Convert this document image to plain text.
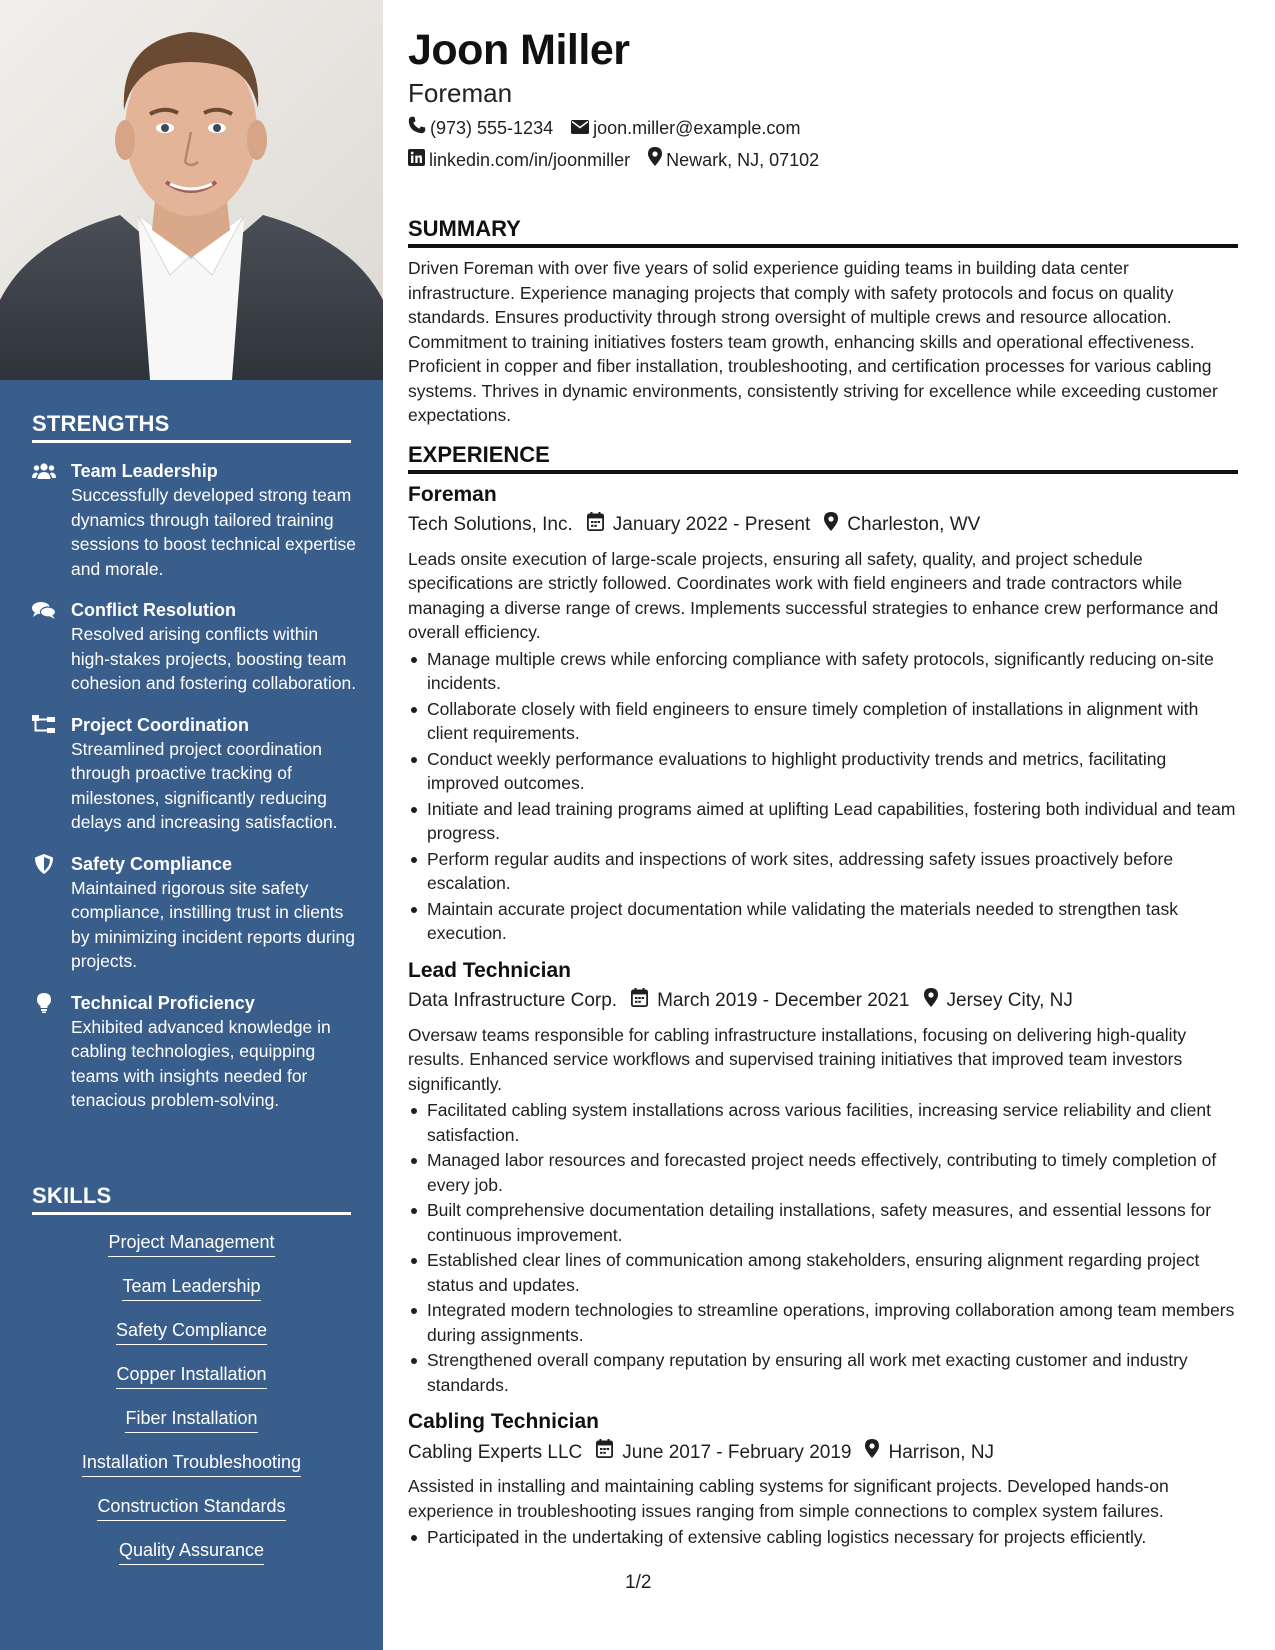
STRENGTHS
Team Leadership
Successfully developed strong team dynamics through tailored training sessions to boost technical expertise and morale.
Conflict Resolution
Resolved arising conflicts within high-stakes projects, boosting team cohesion and fostering collaboration.
Project Coordination
Streamlined project coordination through proactive tracking of milestones, significantly reducing delays and increasing satisfaction.
Safety Compliance
Maintained rigorous site safety compliance, instilling trust in clients by minimizing incident reports during projects.
Technical Proficiency
Exhibited advanced knowledge in cabling technologies, equipping teams with insights needed for tenacious problem-solving.
SKILLS
Project Management
Team Leadership
Safety Compliance
Copper Installation
Fiber Installation
Installation Troubleshooting
Construction Standards
Quality Assurance
Joon Miller
Foreman
(973) 555-1234 joon.miller@example.com
linkedin.com/in/joonmiller Newark, NJ, 07102
SUMMARY
Driven Foreman with over five years of solid experience guiding teams in building data center infrastructure. Experience managing projects that comply with safety protocols and focus on quality standards. Ensures productivity through strong oversight of multiple crews and resource allocation. Commitment to training initiatives fosters team growth, enhancing skills and operational effectiveness. Proficient in copper and fiber installation, troubleshooting, and certification processes for various cabling systems. Thrives in dynamic environments, consistently striving for excellence while exceeding customer expectations.
EXPERIENCE
Foreman
Tech Solutions, Inc. January 2022 - Present Charleston, WV
Leads onsite execution of large-scale projects, ensuring all safety, quality, and project schedule specifications are strictly followed. Coordinates work with field engineers and trade contractors while managing a diverse range of crews. Implements successful strategies to enhance crew performance and overall efficiency.
Manage multiple crews while enforcing compliance with safety protocols, significantly reducing on-site incidents.
Collaborate closely with field engineers to ensure timely completion of installations in alignment with client requirements.
Conduct weekly performance evaluations to highlight productivity trends and metrics, facilitating improved outcomes.
Initiate and lead training programs aimed at uplifting Lead capabilities, fostering both individual and team progress.
Perform regular audits and inspections of work sites, addressing safety issues proactively before escalation.
Maintain accurate project documentation while validating the materials needed to strengthen task execution.
Lead Technician
Data Infrastructure Corp. March 2019 - December 2021 Jersey City, NJ
Oversaw teams responsible for cabling infrastructure installations, focusing on delivering high-quality results. Enhanced service workflows and supervised training initiatives that improved team investors significantly.
Facilitated cabling system installations across various facilities, increasing service reliability and client satisfaction.
Managed labor resources and forecasted project needs effectively, contributing to timely completion of every job.
Built comprehensive documentation detailing installations, safety measures, and essential lessons for continuous improvement.
Established clear lines of communication among stakeholders, ensuring alignment regarding project status and updates.
Integrated modern technologies to streamline operations, improving collaboration among team members during assignments.
Strengthened overall company reputation by ensuring all work met exacting customer and industry standards.
Cabling Technician
Cabling Experts LLC June 2017 - February 2019 Harrison, NJ
Assisted in installing and maintaining cabling systems for significant projects. Developed hands-on experience in troubleshooting issues ranging from simple connections to complex system failures.
Participated in the undertaking of extensive cabling logistics necessary for projects efficiently.
1/2
